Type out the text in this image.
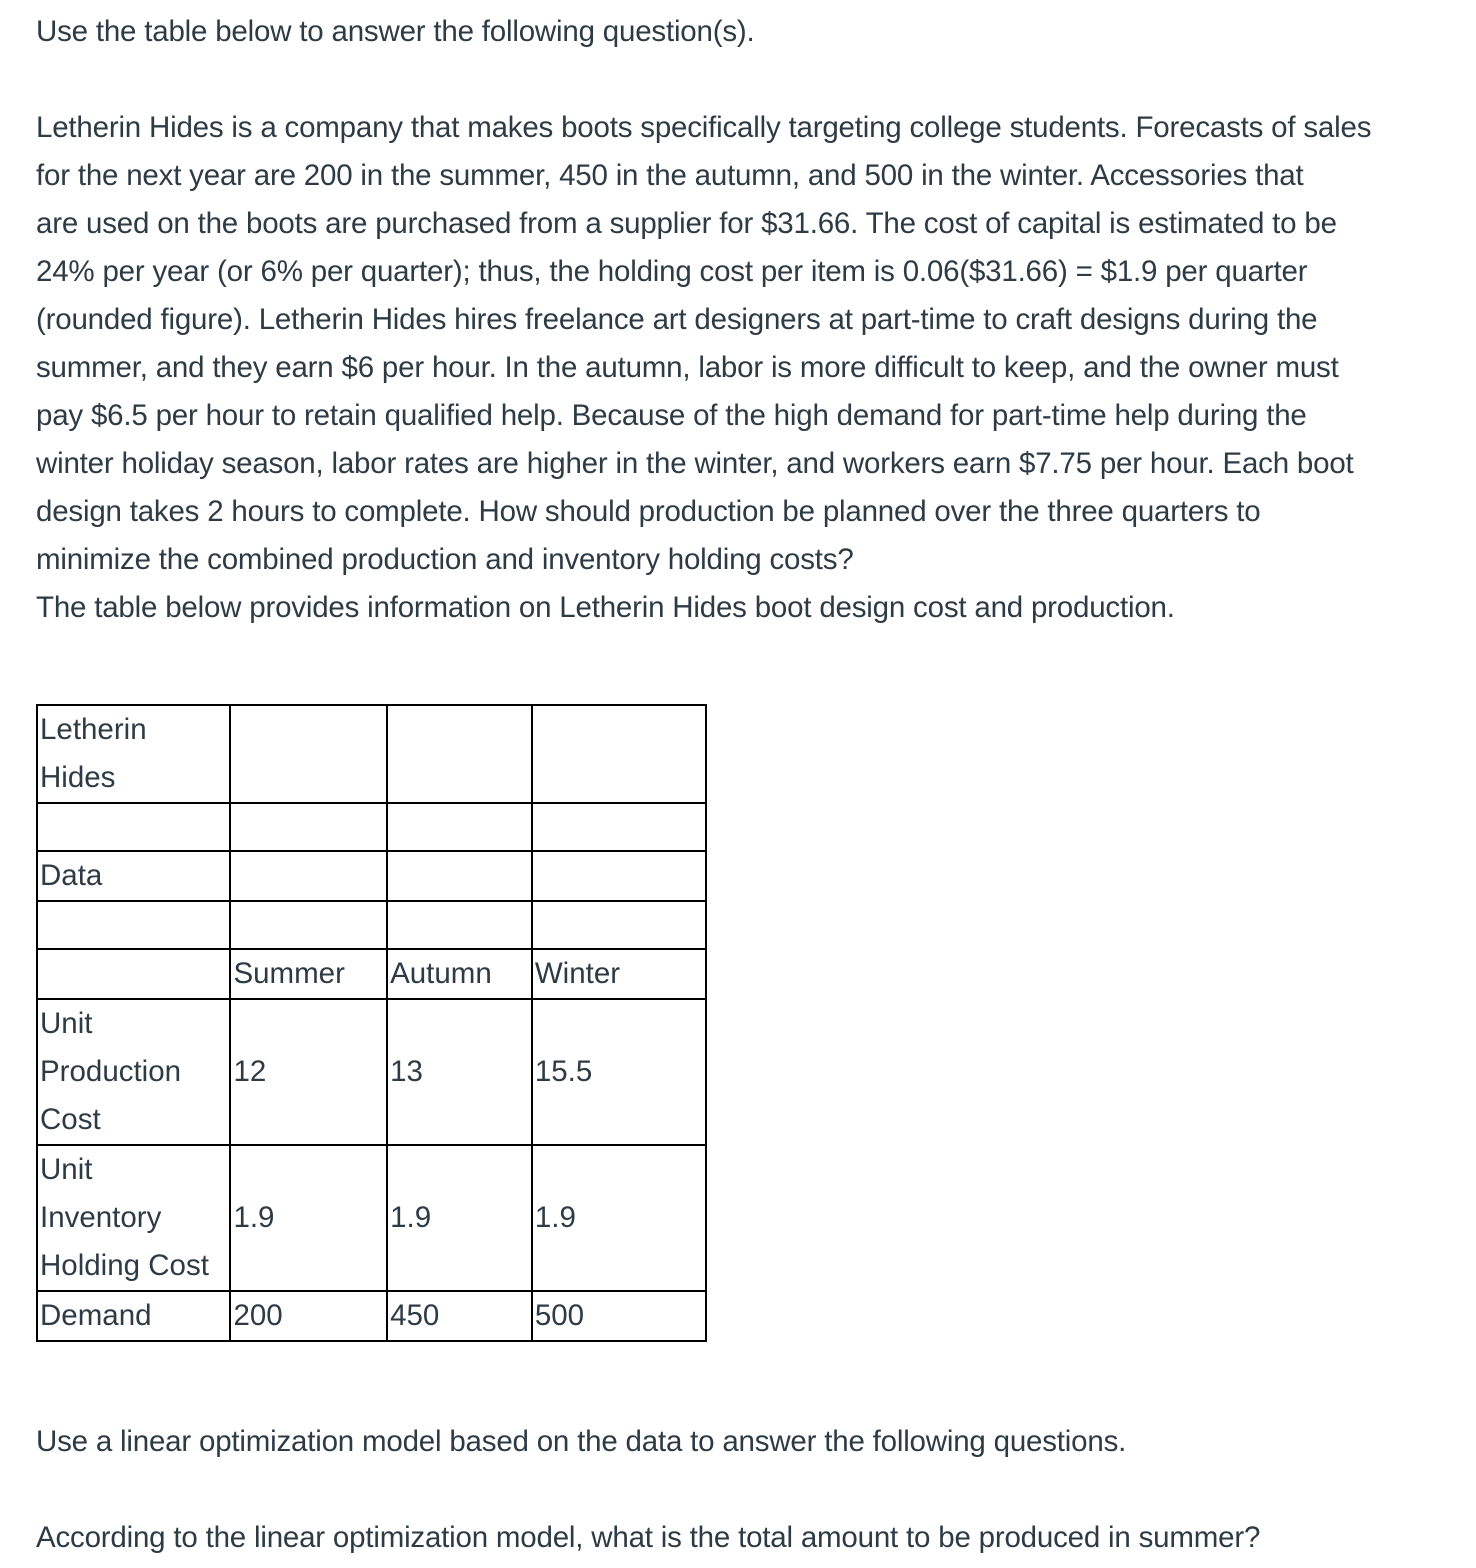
Use the table below to answer the following question(s).
Letherin Hides is a company that makes boots specifically targeting college students. Forecasts of sales
for the next year are 200 in the summer, 450 in the autumn, and 500 in the winter. Accessories that
are used on the boots are purchased from a supplier for $31.66. The cost of capital is estimated to be
24% per year (or 6% per quarter); thus, the holding cost per item is 0.06($31.66) = $1.9 per quarter
(rounded figure). Letherin Hides hires freelance art designers at part-time to craft designs during the
summer, and they earn $6 per hour. In the autumn, labor is more difficult to keep, and the owner must
pay $6.5 per hour to retain qualified help. Because of the high demand for part-time help during the
winter holiday season, labor rates are higher in the winter, and workers earn $7.75 per hour. Each boot
design takes 2 hours to complete. How should production be planned over the three quarters to
minimize the combined production and inventory holding costs?
The table below provides information on Letherin Hides boot design cost and production.
Letherin Hides			

Data			

	Summer	Autumn	Winter

Unit Production Cost	12	13	15.5

Unit Inventory Holding Cost	1.9	1.9	1.9
Demand	200	450	500
Use a linear optimization model based on the data to answer the following questions.
According to the linear optimization model, what is the total amount to be produced in summer?
